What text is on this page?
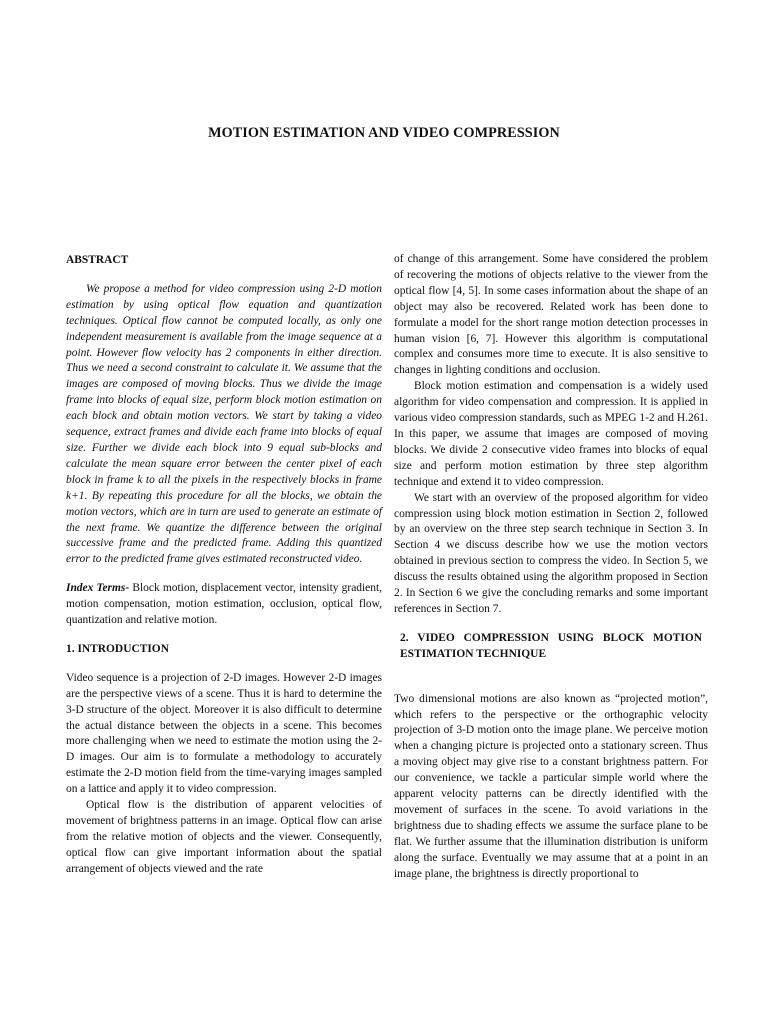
MOTION ESTIMATION AND VIDEO COMPRESSION

ABSTRACT

We propose a method for video compression using 2-D motion estimation by using optical flow equation and quantization techniques. Optical flow cannot be computed locally, as only one independent measurement is available from the image sequence at a point. However flow velocity has 2 components in either direction. Thus we need a second constraint to calculate it. We assume that the images are composed of moving blocks. Thus we divide the image frame into blocks of equal size, perform block motion estimation on each block and obtain motion vectors. We start by taking a video sequence, extract frames and divide each frame into blocks of equal size. Further we divide each block into 9 equal sub-blocks and calculate the mean square error between the center pixel of each block in frame k to all the pixels in the respectively blocks in frame k+1. By repeating this procedure for all the blocks, we obtain the motion vectors, which are in turn are used to generate an estimate of the next frame. We quantize the difference between the original successive frame and the predicted frame. Adding this quantized error to the predicted frame gives estimated reconstructed video.

Index Terms- Block motion, displacement vector, intensity gradient, motion compensation, motion estimation, occlusion, optical flow, quantization and relative motion.

1. INTRODUCTION

Video sequence is a projection of 2-D images. However 2-D images are the perspective views of a scene. Thus it is hard to determine the 3-D structure of the object. Moreover it is also difficult to determine the actual distance between the objects in a scene. This becomes more challenging when we need to estimate the motion using the 2-D images. Our aim is to formulate a methodology to accurately estimate the 2-D motion field from the time-varying images sampled on a lattice and apply it to video compression.

Optical flow is the distribution of apparent velocities of movement of brightness patterns in an image. Optical flow can arise from the relative motion of objects and the viewer. Consequently, optical flow can give important information about the spatial arrangement of objects viewed and the rate

of change of this arrangement. Some have considered the problem of recovering the motions of objects relative to the viewer from the optical flow [4, 5]. In some cases information about the shape of an object may also be recovered. Related work has been done to formulate a model for the short range motion detection processes in human vision [6, 7]. However this algorithm is computational complex and consumes more time to execute. It is also sensitive to changes in lighting conditions and occlusion.

Block motion estimation and compensation is a widely used algorithm for video compensation and compression. It is applied in various video compression standards, such as MPEG 1-2 and H.261. In this paper, we assume that images are composed of moving blocks. We divide 2 consecutive video frames into blocks of equal size and perform motion estimation by three step algorithm technique and extend it to video compression.

We start with an overview of the proposed algorithm for video compression using block motion estimation in Section 2, followed by an overview on the three step search technique in Section 3. In Section 4 we discuss describe how we use the motion vectors obtained in previous section to compress the video. In Section 5, we discuss the results obtained using the algorithm proposed in Section 2. In Section 6 we give the concluding remarks and some important references in Section 7.

2. VIDEO COMPRESSION USING BLOCK MOTION ESTIMATION TECHNIQUE

Two dimensional motions are also known as “projected motion”, which refers to the perspective or the orthographic velocity projection of 3-D motion onto the image plane. We perceive motion when a changing picture is projected onto a stationary screen. Thus a moving object may give rise to a constant brightness pattern. For our convenience, we tackle a particular simple world where the apparent velocity patterns can be directly identified with the movement of surfaces in the scene. To avoid variations in the brightness due to shading effects we assume the surface plane to be flat. We further assume that the illumination distribution is uniform along the surface. Eventually we may assume that at a point in an image plane, the brightness is directly proportional to
